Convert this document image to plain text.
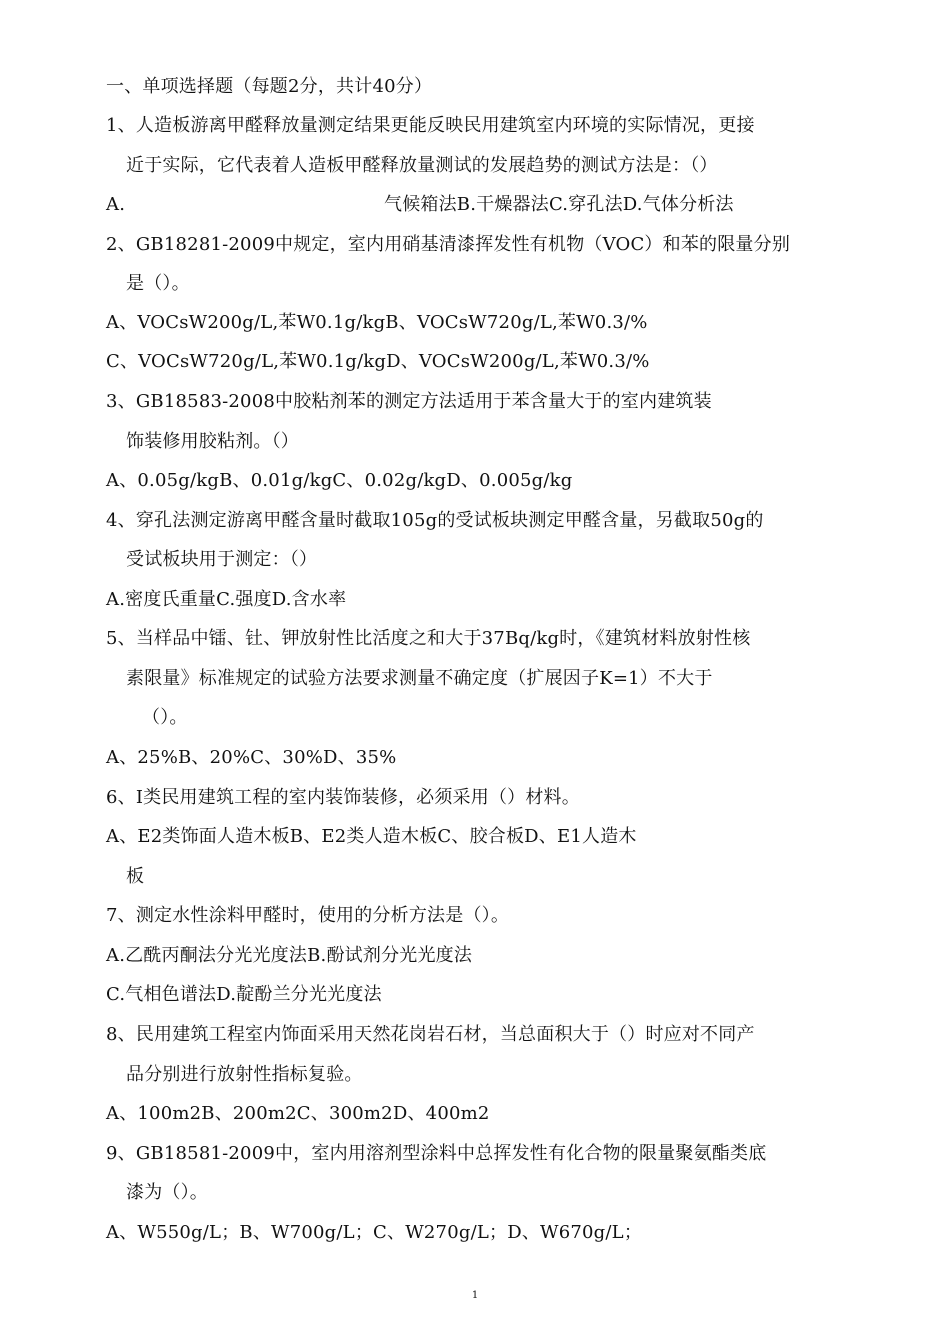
一、单项选择题（每题2分，共计40分）
1、人造板游离甲醛释放量测定结果更能反映民用建筑室内环境的实际情况，更接
近于实际，它代表着人造板甲醛释放量测试的发展趋势的测试方法是：（）
A.	气候箱法B.干燥器法C.穿孔法D.气体分析法
2、GB18281-2009中规定，室内用硝基清漆挥发性有机物（VOC）和苯的限量分别
是（）。
A、VOCsW200g/L,苯W0.1g/kgB、VOCsW720g/L,苯W0.3/%
C、VOCsW720g/L,苯W0.1g/kgD、VOCsW200g/L,苯W0.3/%
3、GB18583-2008中胶粘剂苯的测定方法适用于苯含量大于的室内建筑装
饰装修用胶粘剂。（）
A、0.05g/kgB、0.01g/kgC、0.02g/kgD、0.005g/kg
4、穿孔法测定游离甲醛含量时截取105g的受试板块测定甲醛含量，另截取50g的
受试板块用于测定：（）
A.密度氏重量C.强度D.含水率
5、当样品中镭、钍、钾放射性比活度之和大于37Bq/kg时，《建筑材料放射性核
素限量》标准规定的试验方法要求测量不确定度（扩展因子K=1）不大于
（）。
A、25%B、20%C、30%D、35%
6、I类民用建筑工程的室内装饰装修，必须采用（）材料。
A、E2类饰面人造木板B、E2类人造木板C、胶合板D、E1人造木
板
7、测定水性涂料甲醛时，使用的分析方法是（）。
A.乙酰丙酮法分光光度法B.酚试剂分光光度法
C.气相色谱法D.靛酚兰分光光度法
8、民用建筑工程室内饰面采用天然花岗岩石材，当总面积大于（）时应对不同产
品分别进行放射性指标复验。
A、100m2B、200m2C、300m2D、400m2
9、GB18581-2009中，室内用溶剂型涂料中总挥发性有化合物的限量聚氨酯类底
漆为（）。
A、W550g/L；B、W700g/L；C、W270g/L；D、W670g/L；
1
